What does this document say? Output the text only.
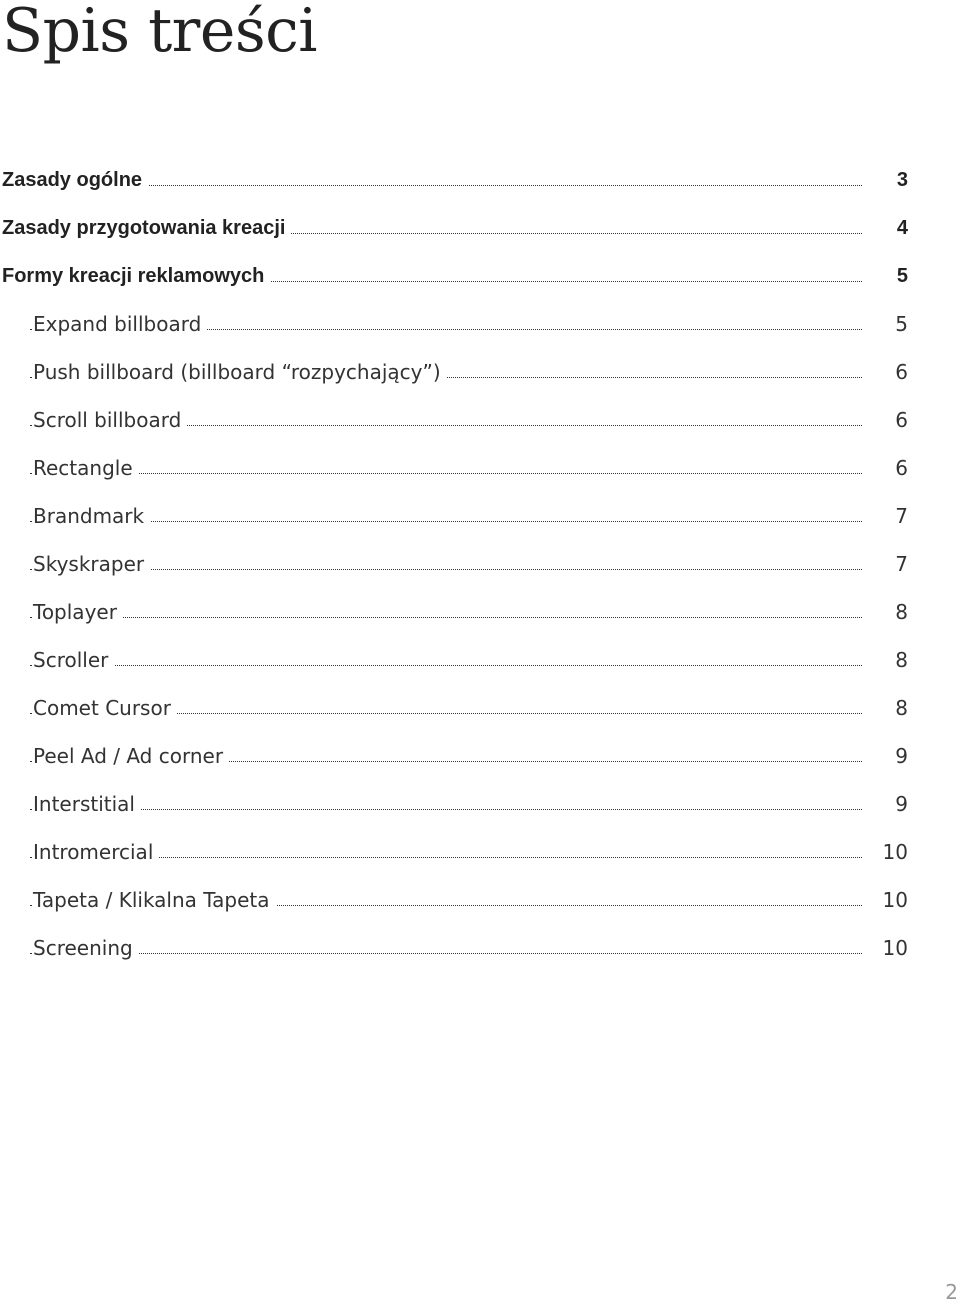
Spis treści
Zasady ogólne	3
Zasady przygotowania kreacji	4
Formy kreacji reklamowych	5
Expand billboard	5
Push billboard (billboard “rozpychający”)	6
Scroll billboard	6
Rectangle	6
Brandmark	7
Skyskraper	7
Toplayer	8
Scroller	8
Comet Cursor	8
Peel Ad / Ad corner	9
Interstitial	9
Intromercial	10
Tapeta / Klikalna Tapeta	10
Screening	10
2
